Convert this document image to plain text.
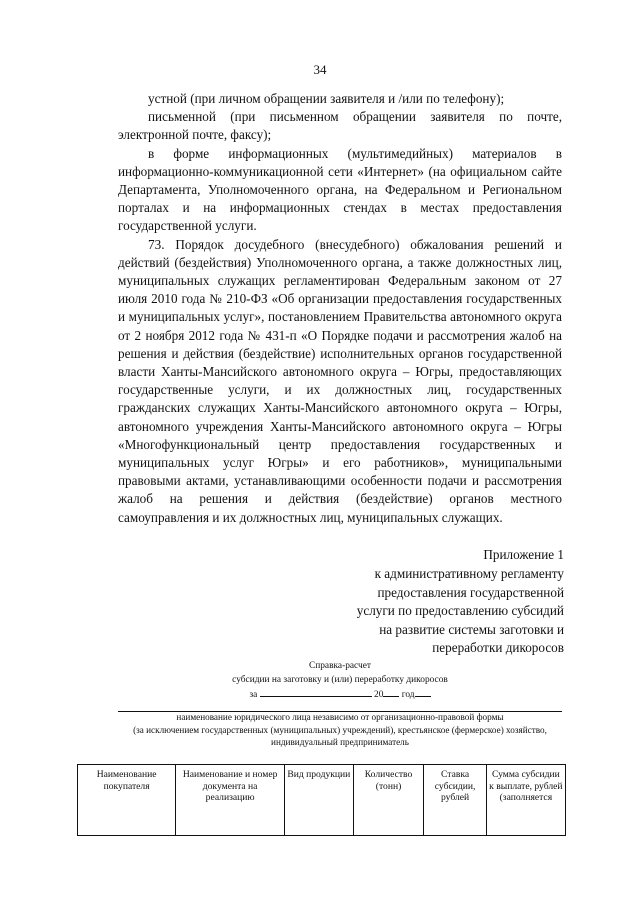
34

устной (при личном обращении заявителя и /или по телефону);

письменной (при письменном обращении заявителя по почте, электронной почте, факсу);

в форме информационных (мультимедийных) материалов в информационно-коммуникационной сети «Интернет» (на официальном сайте Департамента, Уполномоченного органа, на Федеральном и Региональном порталах и на информационных стендах в местах предоставления государственной услуги.

73. Порядок досудебного (внесудебного) обжалования решений и действий (бездействия) Уполномоченного органа, а также должностных лиц, муниципальных служащих регламентирован Федеральным законом от 27 июля 2010 года № 210-ФЗ «Об организации предоставления государственных и муниципальных услуг», постановлением Правительства автономного округа от 2 ноября 2012 года № 431-п «О Порядке подачи и рассмотрения жалоб на решения и действия (бездействие) исполнительных органов государственной власти Ханты-Мансийского автономного округа – Югры, предоставляющих государственные услуги, и их должностных лиц, государственных гражданских служащих Ханты-Мансийского автономного округа – Югры, автономного учреждения Ханты-Мансийского автономного округа – Югры «Многофункциональный центр предоставления государственных и муниципальных услуг Югры» и его работников», муниципальными правовыми актами, устанавливающими особенности подачи и рассмотрения жалоб на решения и действия (бездействие) органов местного самоуправления и их должностных лиц, муниципальных служащих.

Приложение 1
к административному регламенту
предоставления государственной
услуги по предоставлению субсидий
на развитие системы заготовки и
переработки дикоросов
Справка-расчет
субсидии на заготовку и (или) переработку дикоросов
за	20 год
наименование юридического лица независимо от организационно-правовой формы
(за исключением государственных (муниципальных) учреждений), крестьянское (фермерское) хозяйство,
индивидуальный предприниматель
Наименование покупателя	Наименование и номер документа на реализацию	Вид продукции	Количество (тонн)	Ставка субсидии, рублей	Сумма субсидии к выплате, рублей (заполняется
